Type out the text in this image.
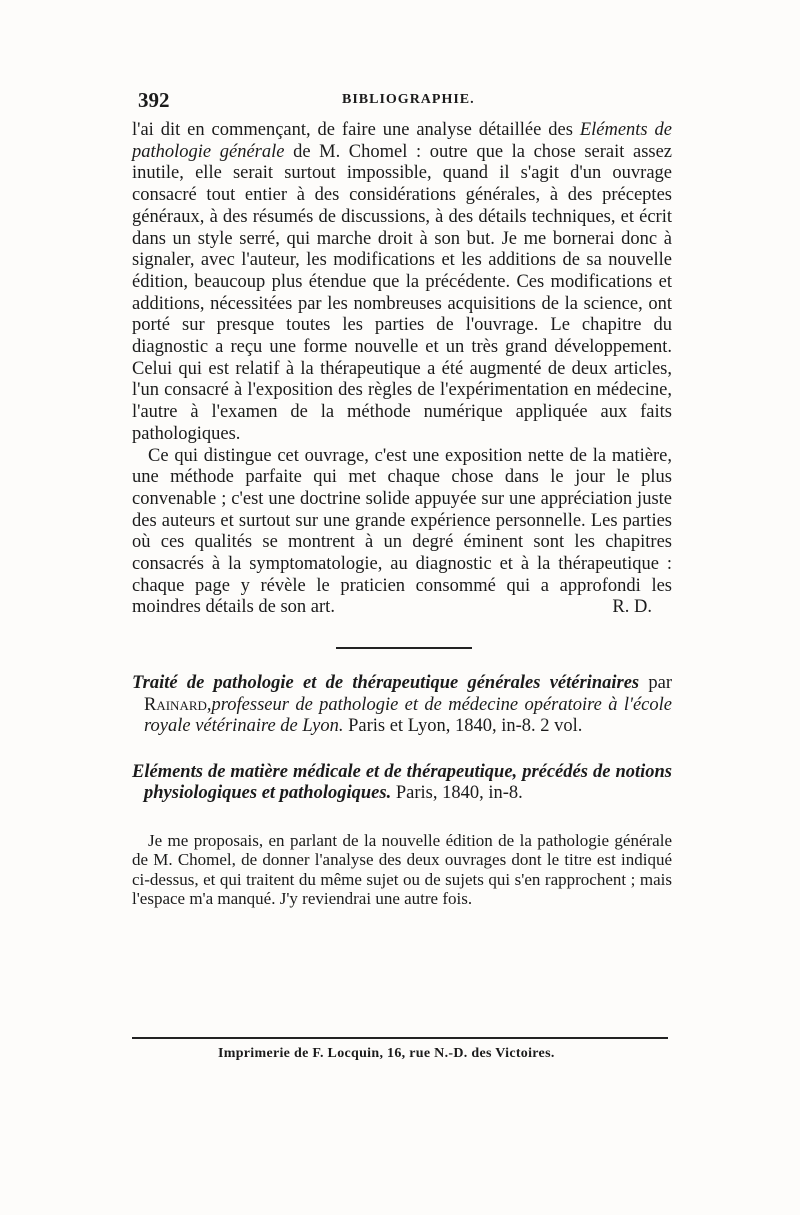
392	BIBLIOGRAPHIE.

l'ai dit en commençant, de faire une analyse détaillée des Eléments de pathologie générale de M. Chomel : outre que la chose serait assez inutile, elle serait surtout impossible, quand il s'agit d'un ouvrage consacré tout entier à des considérations générales, à des préceptes généraux, à des résumés de discussions, à des détails techniques, et écrit dans un style serré, qui marche droit à son but. Je me bornerai donc à signaler, avec l'auteur, les modifications et les additions de sa nouvelle édition, beaucoup plus étendue que la précédente. Ces modifications et additions, nécessitées par les nombreuses acquisitions de la science, ont porté sur presque toutes les parties de l'ouvrage. Le chapitre du diagnostic a reçu une forme nouvelle et un très grand développement. Celui qui est relatif à la thérapeutique a été augmenté de deux articles, l'un consacré à l'exposition des règles de l'expérimentation en médecine, l'autre à l'examen de la méthode numérique appliquée aux faits pathologiques.

Ce qui distingue cet ouvrage, c'est une exposition nette de la matière, une méthode parfaite qui met chaque chose dans le jour le plus convenable ; c'est une doctrine solide appuyée sur une appréciation juste des auteurs et surtout sur une grande expérience personnelle. Les parties où ces qualités se montrent à un degré éminent sont les chapitres consacrés à la symptomatologie, au diagnostic et à la thérapeutique : chaque page y révèle le praticien consommé qui a approfondi les moindres détails de son art.	R. D.

Traité de pathologie et de thérapeutique générales vétérinaires par Rainard,professeur de pathologie et de médecine opératoire à l'école royale vétérinaire de Lyon. Paris et Lyon, 1840, in-8. 2 vol.
Eléments de matière médicale et de thérapeutique, précédés de notions physiologiques et pathologiques. Paris, 1840, in-8.

Je me proposais, en parlant de la nouvelle édition de la pathologie générale de M. Chomel, de donner l'analyse des deux ouvrages dont le titre est indiqué ci-dessus, et qui traitent du même sujet ou de sujets qui s'en rapprochent ; mais l'espace m'a manqué. J'y reviendrai une autre fois.

Imprimerie de F. Locquin, 16, rue N.-D. des Victoires.
